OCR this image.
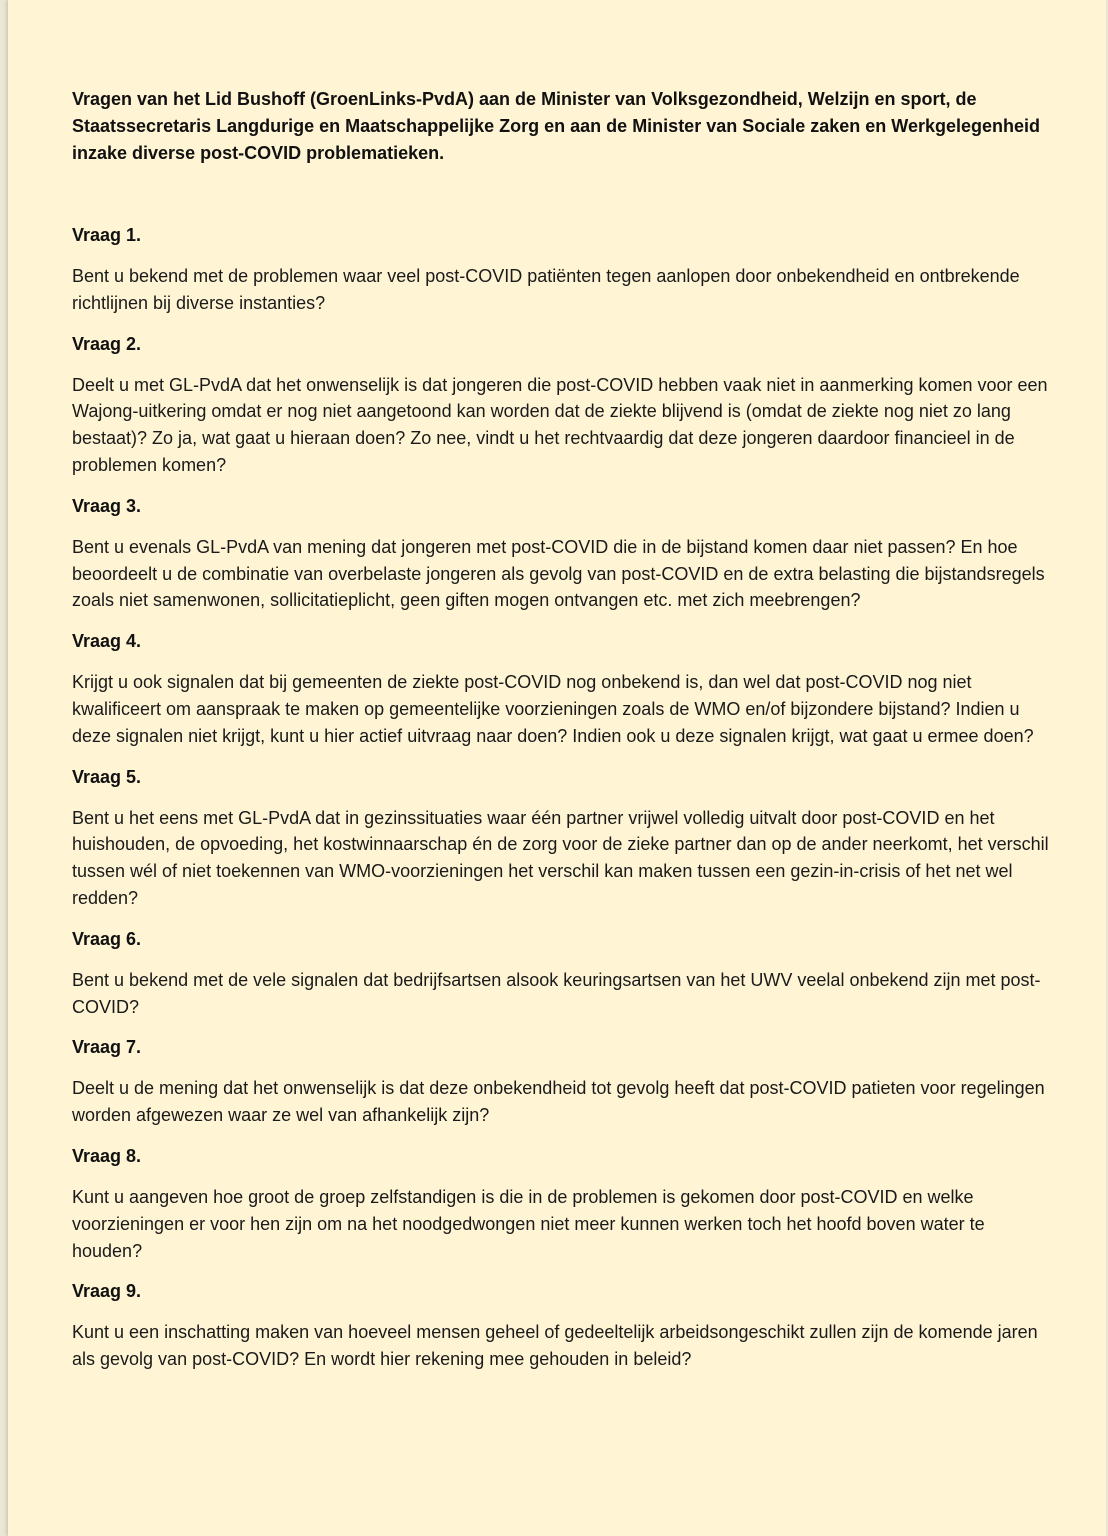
Vragen van het Lid Bushoff (GroenLinks-PvdA) aan de Minister van Volksgezondheid, Welzijn en sport, de Staatssecretaris Langdurige en Maatschappelijke Zorg en aan de Minister van Sociale zaken en Werkgelegenheid inzake diverse post-COVID problematieken.

Vraag 1.
Bent u bekend met de problemen waar veel post-COVID patiënten tegen aanlopen door onbekendheid en ontbrekende richtlijnen bij diverse instanties?
Vraag 2.
Deelt u met GL-PvdA dat het onwenselijk is dat jongeren die post-COVID hebben vaak niet in aanmerking komen voor een Wajong-uitkering omdat er nog niet aangetoond kan worden dat de ziekte blijvend is (omdat de ziekte nog niet zo lang bestaat)? Zo ja, wat gaat u hieraan doen? Zo nee, vindt u het rechtvaardig dat deze jongeren daardoor financieel in de problemen komen?
Vraag 3.
Bent u evenals GL-PvdA van mening dat jongeren met post-COVID die in de bijstand komen daar niet passen? En hoe beoordeelt u de combinatie van overbelaste jongeren als gevolg van post-COVID en de extra belasting die bijstandsregels zoals niet samenwonen, sollicitatieplicht, geen giften mogen ontvangen etc. met zich meebrengen?
Vraag 4.
Krijgt u ook signalen dat bij gemeenten de ziekte post-COVID nog onbekend is, dan wel dat post-COVID nog niet kwalificeert om aanspraak te maken op gemeentelijke voorzieningen zoals de WMO en/of bijzondere bijstand? Indien u deze signalen niet krijgt, kunt u hier actief uitvraag naar doen? Indien ook u deze signalen krijgt, wat gaat u ermee doen?
Vraag 5.
Bent u het eens met GL-PvdA dat in gezinssituaties waar één partner vrijwel volledig uitvalt door post-COVID en het huishouden, de opvoeding, het kostwinnaarschap én de zorg voor de zieke partner dan op de ander neerkomt, het verschil tussen wél of niet toekennen van WMO-voorzieningen het verschil kan maken tussen een gezin-in-crisis of het net wel redden?
Vraag 6.
Bent u bekend met de vele signalen dat bedrijfsartsen alsook keuringsartsen van het UWV veelal onbekend zijn met post-COVID?
Vraag 7.
Deelt u de mening dat het onwenselijk is dat deze onbekendheid tot gevolg heeft dat post-COVID patieten voor regelingen worden afgewezen waar ze wel van afhankelijk zijn?
Vraag 8.
Kunt u aangeven hoe groot de groep zelfstandigen is die in de problemen is gekomen door post-COVID en welke voorzieningen er voor hen zijn om na het noodgedwongen niet meer kunnen werken toch het hoofd boven water te houden?
Vraag 9.
Kunt u een inschatting maken van hoeveel mensen geheel of gedeeltelijk arbeidsongeschikt zullen zijn de komende jaren als gevolg van post-COVID? En wordt hier rekening mee gehouden in beleid?
